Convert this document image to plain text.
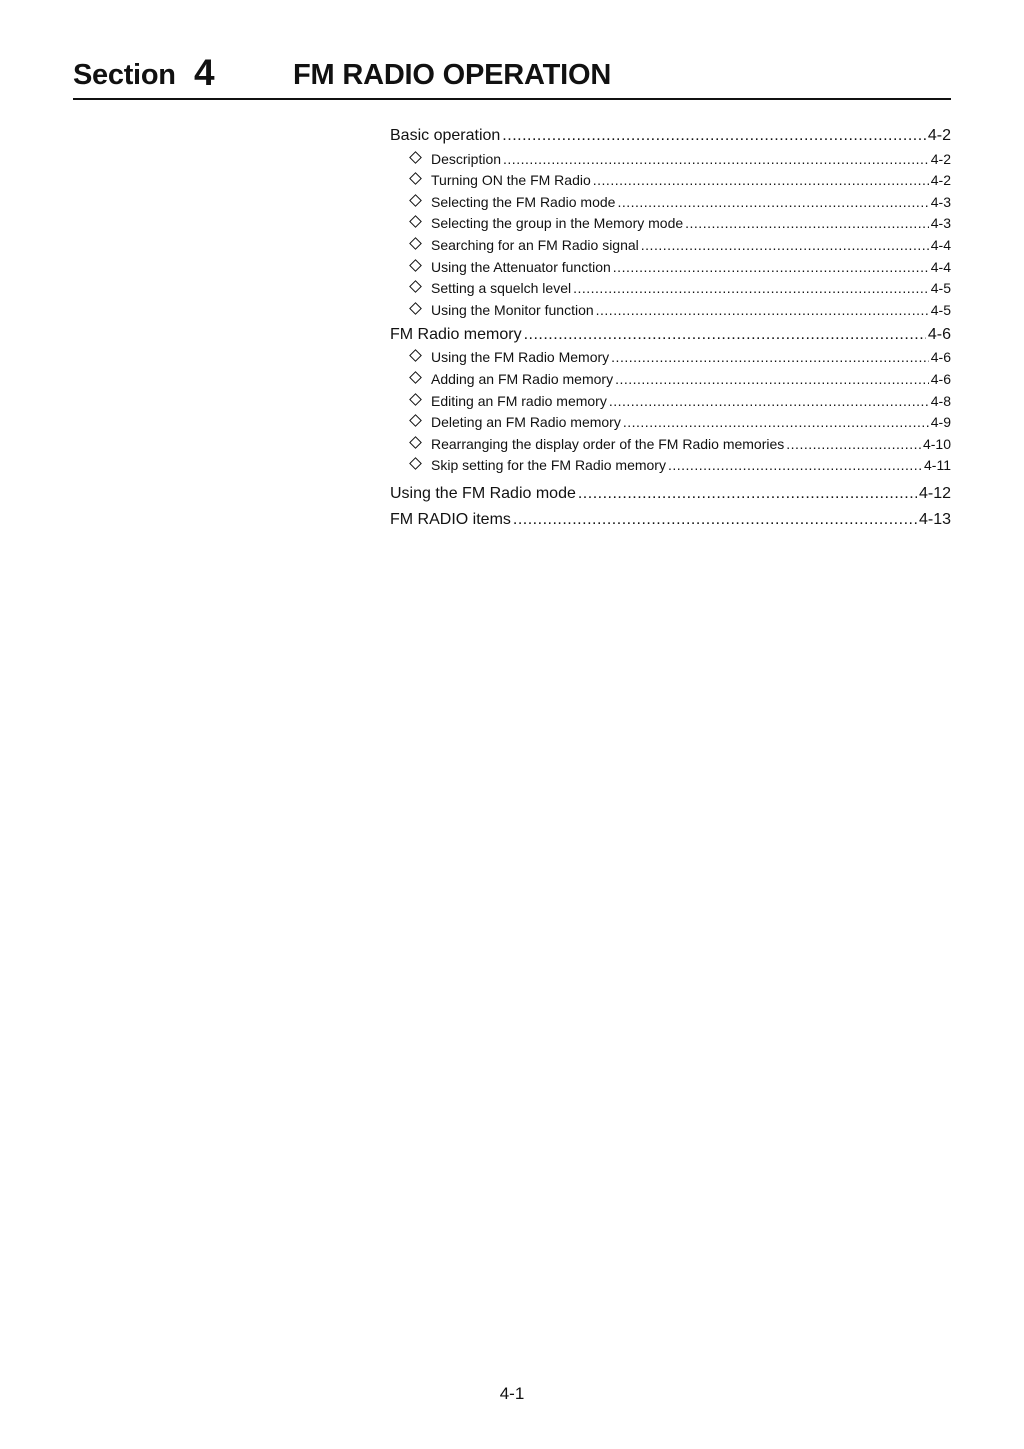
Section 4	FM RADIO OPERATION
Basic operation .....	4-2
Description .....	4-2
Turning ON the FM Radio .....	4-2
Selecting the FM Radio mode .....	4-3
Selecting the group in the Memory mode .....	4-3
Searching for an FM Radio signal .....	4-4
Using the Attenuator function .....	4-4
Setting a squelch level .....	4-5
Using the Monitor function .....	4-5
FM Radio memory .....	4-6
Using the FM Radio Memory .....	4-6
Adding an FM Radio memory .....	4-6
Editing an FM radio memory .....	4-8
Deleting an FM Radio memory .....	4-9
Rearranging the display order of the FM Radio memories .....	4-10
Skip setting for the FM Radio memory .....	4-11
Using the FM Radio mode .....	4-12
FM RADIO items .....	4-13
4-1
